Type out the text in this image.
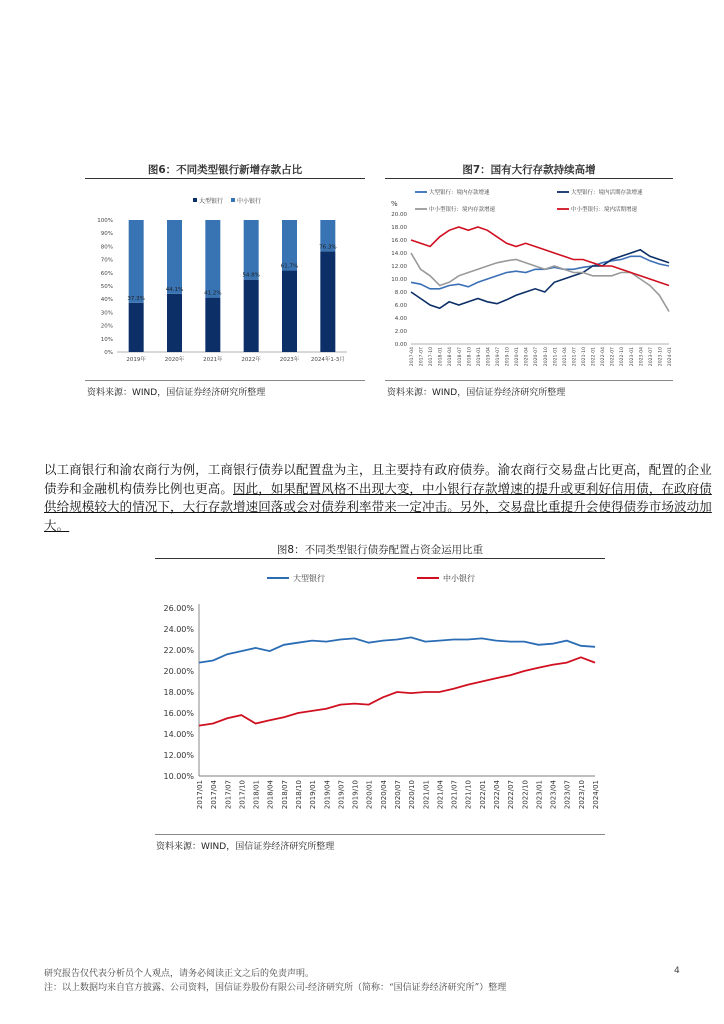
图6：不同类型银行新增存款占比
大型银行 中小银行
0%
10%
20%
30%
40%
50%
60%
70%
80%
90%
100%
37.3%
2019年
44.1%
2020年
41.2%
2021年
54.8%
2022年
61.7%
2023年
76.3%
2024年1-3月
资料来源：WIND，国信证券经济研究所整理
图7：国有大行存款持续高增
大型银行：境内存款增速	大型银行：境内活期存款增速
中小型银行：境内存款增速	中小型银行：境内活期增速
%
0.00
2.00
4.00
6.00
8.00
10.00
12.00
14.00
16.00
18.00
20.00
2017-04 2017-07 2017-10 2018-01 2018-04 2018-07 2018-10 2019-01 2019-04 2019-07 2019-10 2020-01 2020-04 2020-07 2020-10 2021-01 2021-04 2021-07 2021-10 2022-01 2022-04 2022-07 2022-10 2023-01 2023-04 2023-07 2023-10 2024-01
资料来源：WIND，国信证券经济研究所整理
以工商银行和渝农商行为例，工商银行债券以配置盘为主，且主要持有政府债券。渝农商行交易盘占比更高，配置的企业债券和金融机构债券比例也更高。因此，如果配置风格不出现大变，中小银行存款增速的提升或更利好信用债，在政府债供给规模较大的情况下，大行存款增速回落或会对债券利率带来一定冲击。另外，交易盘比重提升会使得债券市场波动加大。
图8：不同类型银行债券配置占资金运用比重
大型银行	中小银行
10.00%
12.00%
14.00%
16.00%
18.00%
20.00%
22.00%
24.00%
26.00%
2017/01 2017/04 2017/07 2017/10 2018/01 2018/04 2018/07 2018/10 2019/01 2019/04 2019/07 2019/10 2020/01 2020/04 2020/07 2020/10 2021/01 2021/04 2021/07 2021/10 2022/01 2022/04 2022/07 2022/10 2023/01 2023/04 2023/07 2023/10 2024/01
资料来源：WIND，国信证券经济研究所整理
研究报告仅代表分析员个人观点，请务必阅读正文之后的免责声明。
注：以上数据均来自官方披露、公司资料，国信证券股份有限公司-经济研究所（简称：“国信证券经济研究所”）整理
4
